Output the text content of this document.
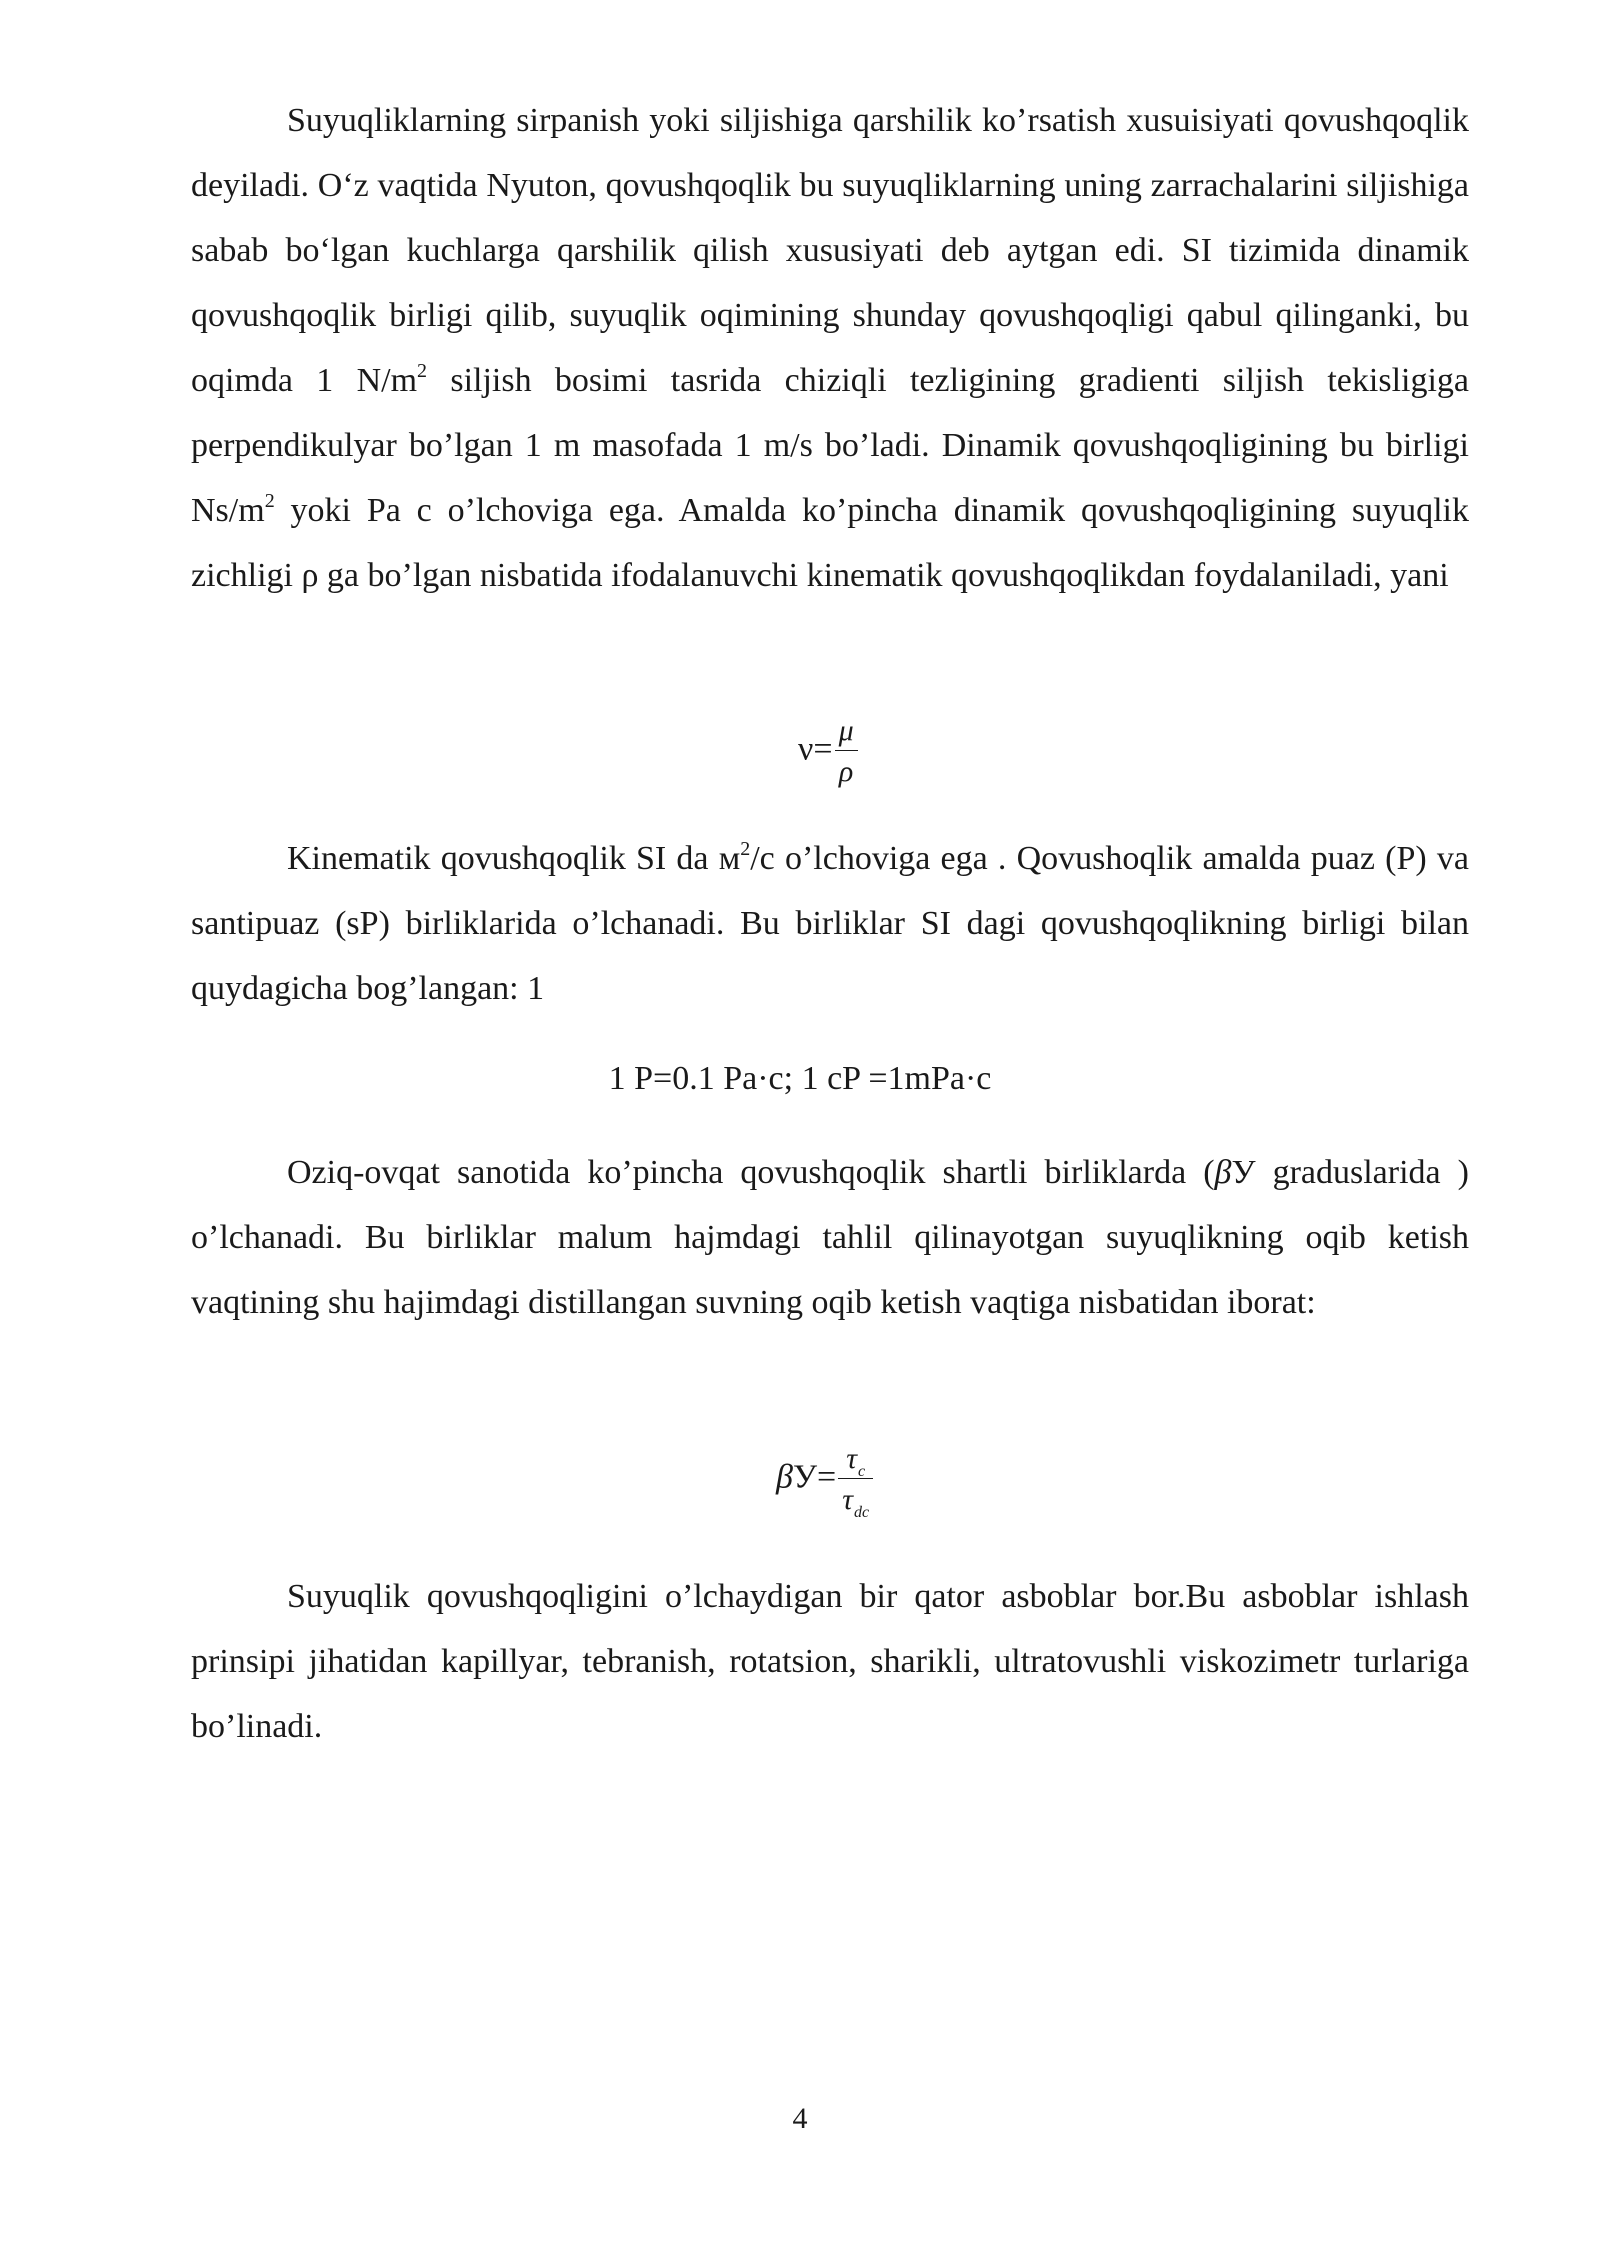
Suyuqliklarning sirpanish yoki siljishiga qarshilik ko’rsatish xusuisiyati qovushqoqlik deyiladi. O‘z vaqtida Nyuton, qovushqoqlik bu suyuqliklarning uning zarrachalarini siljishiga sabab bo‘lgan kuchlarga qarshilik qilish xususiyati deb aytgan edi. SI tizimida dinamik qovushqoqlik birligi qilib, suyuqlik oqimining shunday qovushqoqligi qabul qilinganki, bu oqimda 1 $N/m^2$ siljish bosimi tasrida chiziqli tezligining gradienti siljish tekisligiga perpendikulyar bo’lgan 1 m masofada 1 m/s bo’ladi. Dinamik qovushqoqligining bu birligi $Ns/m^2$ yoki Pa c o’lchoviga ega. Amalda ko’pincha dinamik qovushqoqligining suyuqlik zichligi ρ ga bo’lgan nisbatida ifodalanuvchi kinematik qovushqoqlikdan foydalaniladi, yani

$\nu= \frac{\mu}{\rho}$

Kinematik qovushqoqlik SI da $м^2/c$ o’lchoviga ega . Qovushoqlik amalda puaz (P) va santipuaz (sP) birliklarida o’lchanadi. Bu birliklar SI dagi qovushqoqlikning birligi bilan quydagicha bog’langan: 1

1 P=0.1 Pa·c; 1 cP =1mPa·c

Oziq-ovqat sanotida ko’pincha qovushqoqlik shartli birliklarda (βУ graduslarida ) o’lchanadi. Bu birliklar malum hajmdagi tahlil qilinayotgan suyuqlikning oqib ketish vaqtining shu hajimdagi distillangan suvning oqib ketish vaqtiga nisbatidan iborat:

$\beta У= \frac{\tau_c}{\tau_{dc}}$

Suyuqlik qovushqoqligini o’lchaydigan bir qator asboblar bor.Bu asboblar ishlash prinsipi jihatidan kapillyar, tebranish, rotatsion, sharikli, ultratovushli viskozimetr turlariga bo’linadi.

4
